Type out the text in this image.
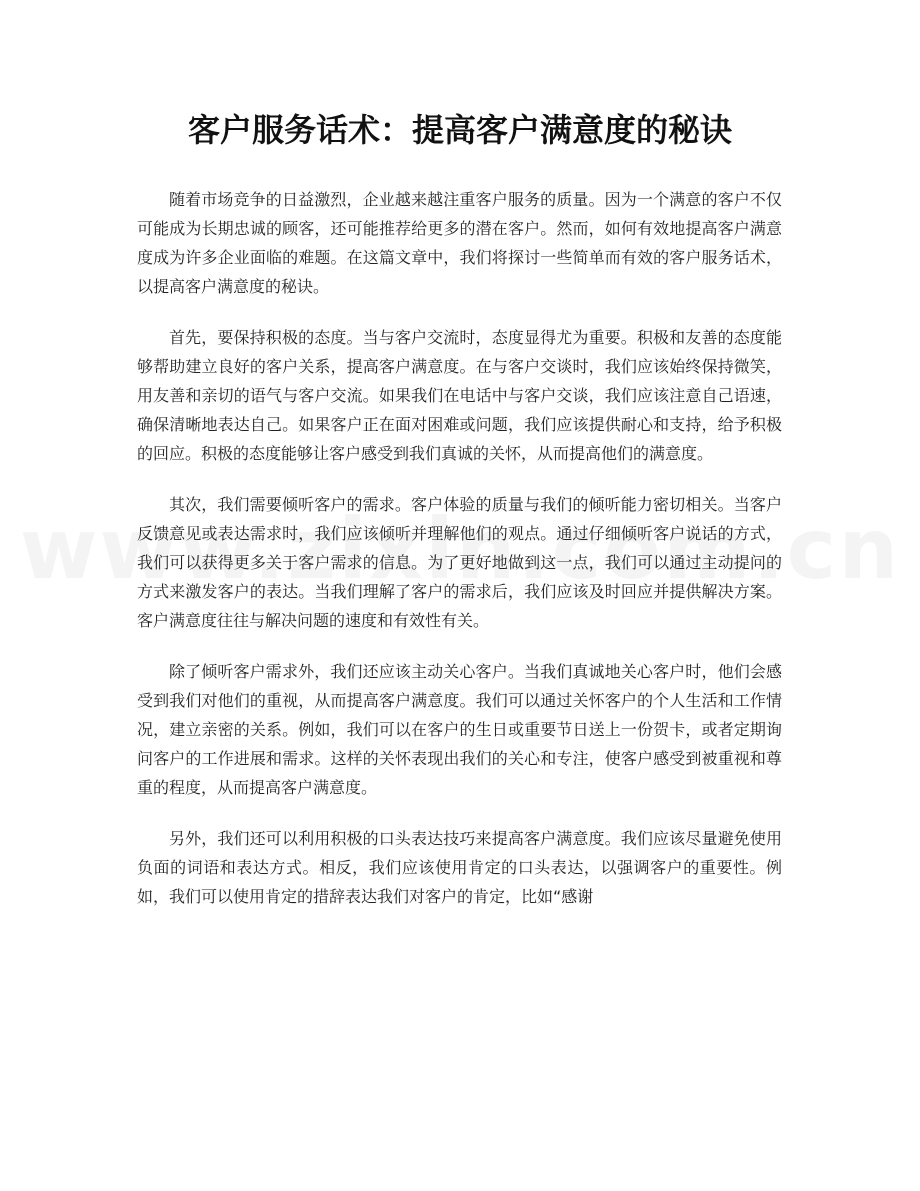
客户服务话术：提高客户满意度的秘诀

随着市场竞争的日益激烈，企业越来越注重客户服务的质量。因为一个满意的客户不仅可能成为长期忠诚的顾客，还可能推荐给更多的潜在客户。然而，如何有效地提高客户满意度成为许多企业面临的难题。在这篇文章中，我们将探讨一些简单而有效的客户服务话术，以提高客户满意度的秘诀。

首先，要保持积极的态度。当与客户交流时，态度显得尤为重要。积极和友善的态度能够帮助建立良好的客户关系，提高客户满意度。在与客户交谈时，我们应该始终保持微笑，用友善和亲切的语气与客户交流。如果我们在电话中与客户交谈，我们应该注意自己语速，确保清晰地表达自己。如果客户正在面对困难或问题，我们应该提供耐心和支持，给予积极的回应。积极的态度能够让客户感受到我们真诚的关怀，从而提高他们的满意度。

其次，我们需要倾听客户的需求。客户体验的质量与我们的倾听能力密切相关。当客户反馈意见或表达需求时，我们应该倾听并理解他们的观点。通过仔细倾听客户说话的方式，我们可以获得更多关于客户需求的信息。为了更好地做到这一点，我们可以通过主动提问的方式来激发客户的表达。当我们理解了客户的需求后，我们应该及时回应并提供解决方案。客户满意度往往与解决问题的速度和有效性有关。

除了倾听客户需求外，我们还应该主动关心客户。当我们真诚地关心客户时，他们会感受到我们对他们的重视，从而提高客户满意度。我们可以通过关怀客户的个人生活和工作情况，建立亲密的关系。例如，我们可以在客户的生日或重要节日送上一份贺卡，或者定期询问客户的工作进展和需求。这样的关怀表现出我们的关心和专注，使客户感受到被重视和尊重的程度，从而提高客户满意度。

另外，我们还可以利用积极的口头表达技巧来提高客户满意度。我们应该尽量避免使用负面的词语和表达方式。相反，我们应该使用肯定的口头表达，以强调客户的重要性。例如，我们可以使用肯定的措辞表达我们对客户的肯定，比如“感谢
